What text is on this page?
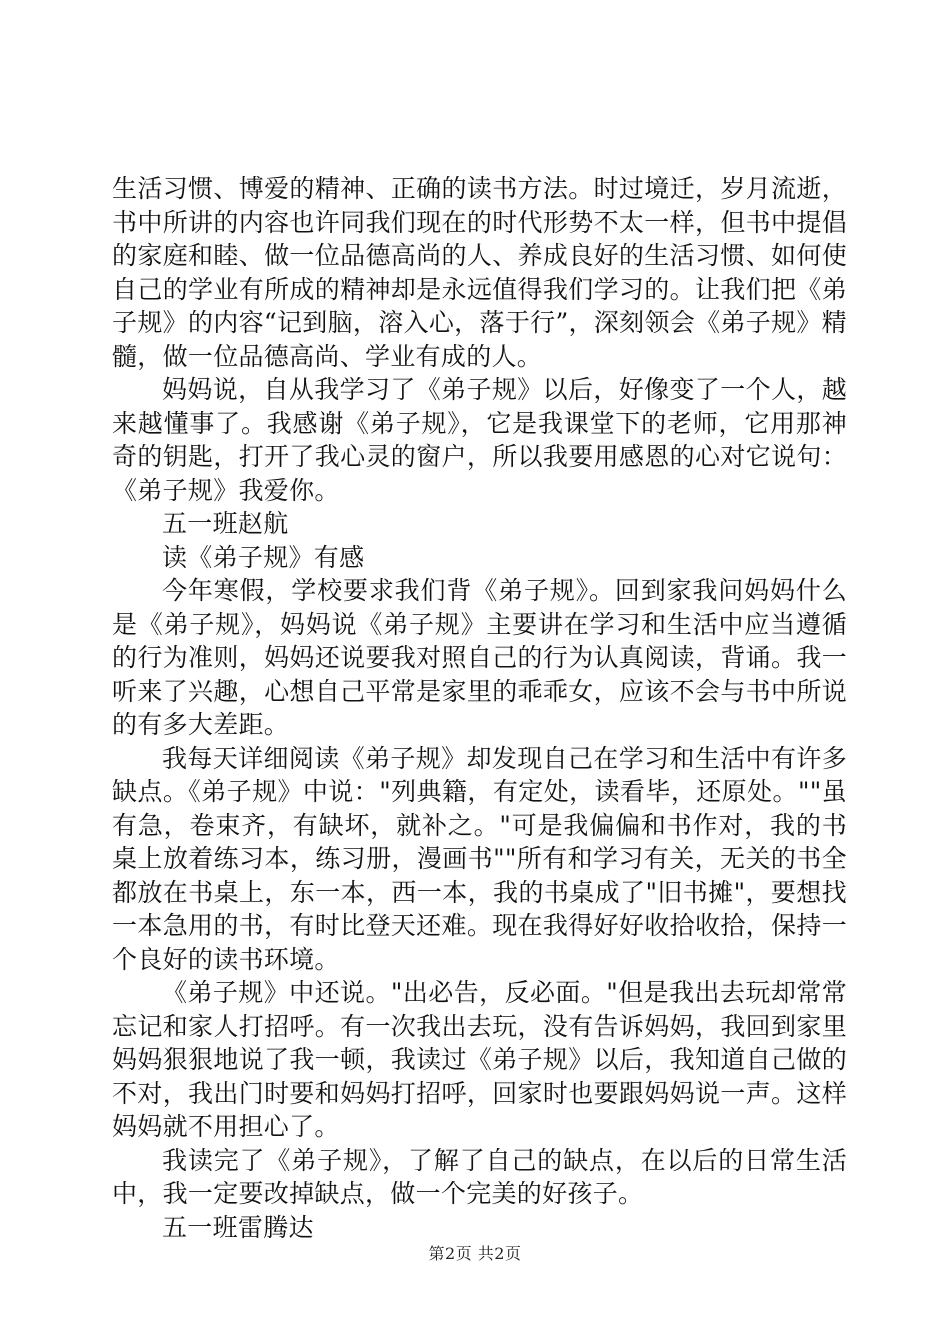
生活习惯、博爱的精神、正确的读书方法。时过境迁，岁月流逝，书中所讲的内容也许同我们现在的时代形势不太一样，但书中提倡的家庭和睦、做一位品德高尚的人、养成良好的生活习惯、如何使自己的学业有所成的精神却是永远值得我们学习的。让我们把《弟子规》的内容“记到脑，溶入心，落于行”，深刻领会《弟子规》精髓，做一位品德高尚、学业有成的人。

妈妈说，自从我学习了《弟子规》以后，好像变了一个人，越来越懂事了。我感谢《弟子规》，它是我课堂下的老师，它用那神奇的钥匙，打开了我心灵的窗户，所以我要用感恩的心对它说句：《弟子规》我爱你。

五一班赵航

读《弟子规》有感

今年寒假，学校要求我们背《弟子规》。回到家我问妈妈什么是《弟子规》，妈妈说《弟子规》主要讲在学习和生活中应当遵循的行为准则，妈妈还说要我对照自己的行为认真阅读，背诵。我一听来了兴趣，心想自己平常是家里的乖乖女，应该不会与书中所说的有多大差距。

我每天详细阅读《弟子规》却发现自己在学习和生活中有许多缺点。《弟子规》中说："列典籍，有定处，读看毕，还原处。""虽有急，卷束齐，有缺坏，就补之。"可是我偏偏和书作对，我的书桌上放着练习本，练习册，漫画书""所有和学习有关，无关的书全都放在书桌上，东一本，西一本，我的书桌成了"旧书摊"，要想找一本急用的书，有时比登天还难。现在我得好好收拾收拾，保持一个良好的读书环境。

《弟子规》中还说。"出必告，反必面。"但是我出去玩却常常忘记和家人打招呼。有一次我出去玩，没有告诉妈妈，我回到家里妈妈狠狠地说了我一顿，我读过《弟子规》以后，我知道自己做的不对，我出门时要和妈妈打招呼，回家时也要跟妈妈说一声。这样妈妈就不用担心了。

我读完了《弟子规》，了解了自己的缺点，在以后的日常生活中，我一定要改掉缺点，做一个完美的好孩子。

五一班雷腾达

第2页 共2页
